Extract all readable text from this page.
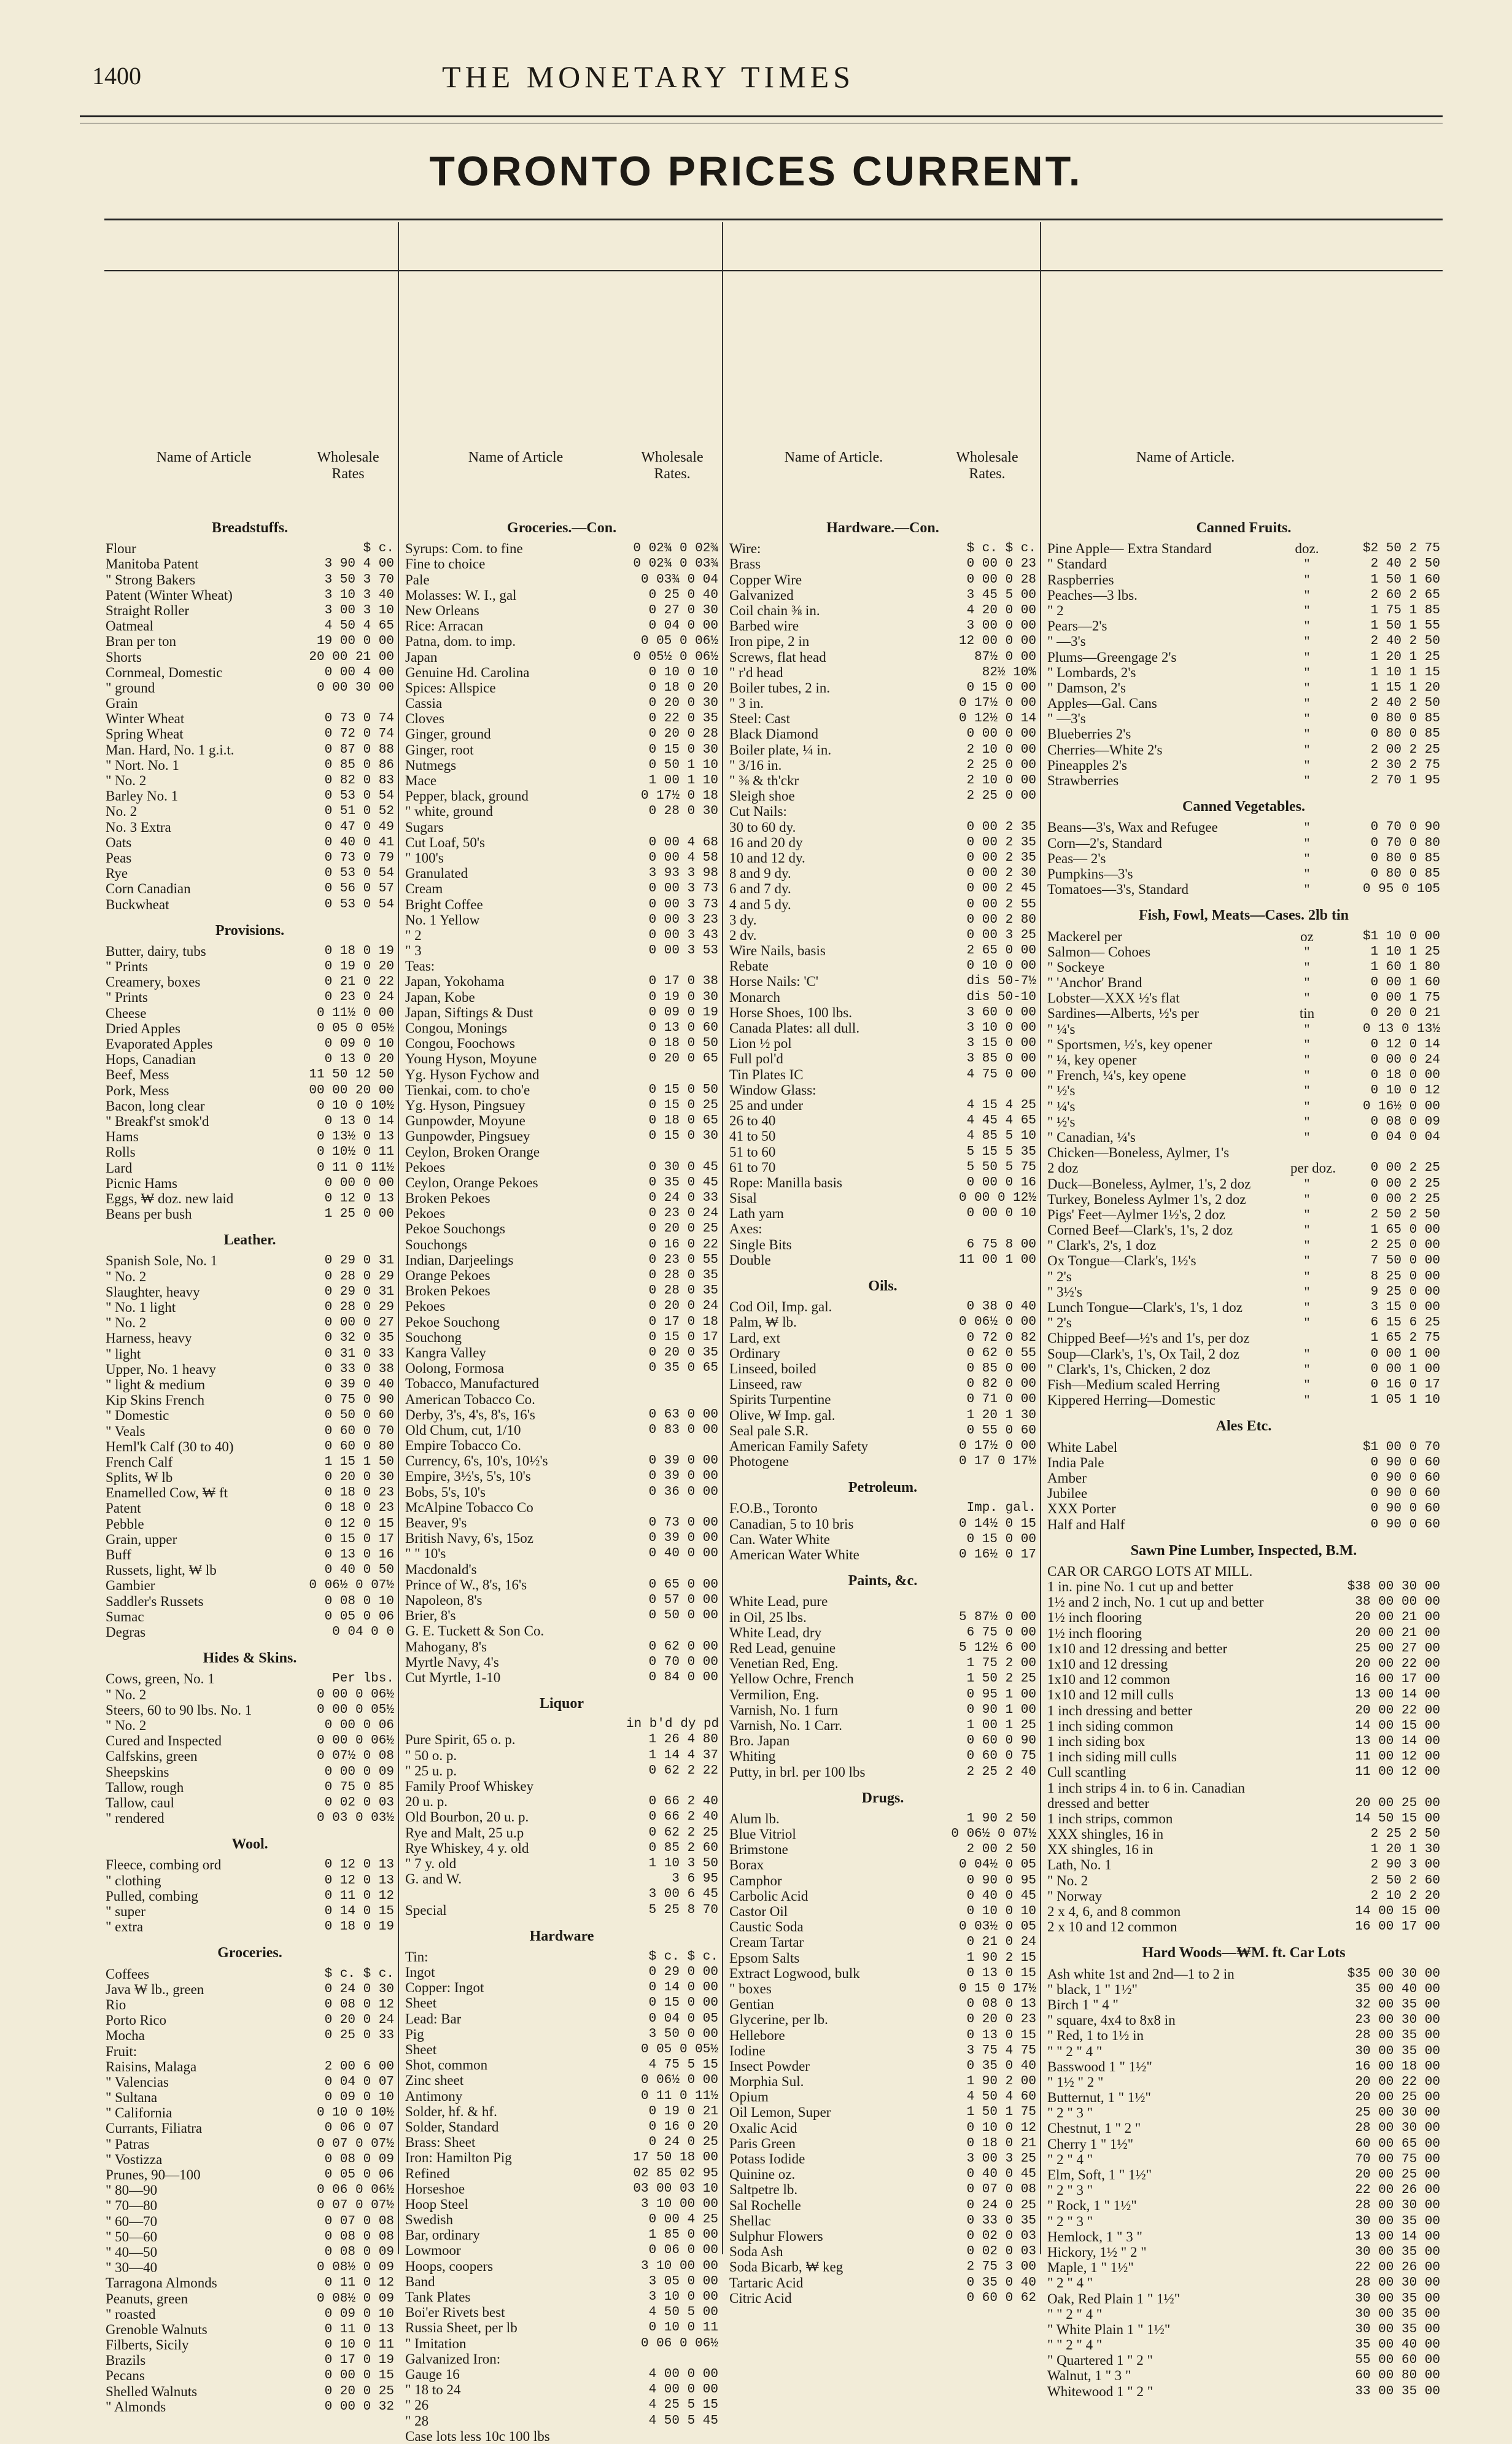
1400	THE MONETARY TIMES
TORONTO PRICES CURRENT.
Name of Article	Wholesale Rates
Breadstuffs.
Flour	$ c.
Manitoba Patent	3 90 4 00
" Strong Bakers	3 50 3 70
Patent (Winter Wheat)	3 10 3 40
Straight Roller	3 00 3 10
Oatmeal	4 50 4 65
Bran per ton	19 00 0 00
Shorts	20 00 21 00
Cornmeal, Domestic	0 00 4 00
" ground	0 00 30 00
Grain
Winter Wheat	0 73 0 74
Spring Wheat	0 72 0 74
Man. Hard, No. 1 g.i.t.	0 87 0 88
" Nort. No. 1	0 85 0 86
" No. 2	0 82 0 83
Barley No. 1	0 53 0 54
No. 2	0 51 0 52
No. 3 Extra	0 47 0 49
Oats	0 40 0 41
Peas	0 73 0 79
Rye	0 53 0 54
Corn Canadian	0 56 0 57
Buckwheat	0 53 0 54
Provisions.
Butter, dairy, tubs	0 18 0 19
" Prints	0 19 0 20
Creamery, boxes	0 21 0 22
" Prints	0 23 0 24
Cheese	0 11½ 0 00
Dried Apples	0 05 0 05½
Evaporated Apples	0 09 0 10
Hops, Canadian	0 13 0 20
Beef, Mess	11 50 12 50
Pork, Mess	00 00 20 00
Bacon, long clear	0 10 0 10½
" Breakf'st smok'd	0 13 0 14
Hams	0 13½ 0 13
Rolls	0 10½ 0 11
Lard	0 11 0 11½
Picnic Hams	0 00 0 00
Eggs, ₩ doz. new laid	0 12 0 13
Beans per bush	1 25 0 00
Leather.
Spanish Sole, No. 1	0 29 0 31
" No. 2	0 28 0 29
Slaughter, heavy	0 29 0 31
" No. 1 light	0 28 0 29
" No. 2	0 00 0 27
Harness, heavy	0 32 0 35
" light	0 31 0 33
Upper, No. 1 heavy	0 33 0 38
" light & medium	0 39 0 40
Kip Skins French	0 75 0 90
" Domestic	0 50 0 60
" Veals	0 60 0 70
Heml'k Calf (30 to 40)	0 60 0 80
French Calf	1 15 1 50
Splits, ₩ lb	0 20 0 30
Enamelled Cow, ₩ ft	0 18 0 23
Patent	0 18 0 23
Pebble	0 12 0 15
Grain, upper	0 15 0 17
Buff	0 13 0 16
Russets, light, ₩ lb	0 40 0 50
Gambier	0 06½ 0 07½
Saddler's Russets	0 08 0 10
Sumac	0 05 0 06
Degras	0 04 0 0
Hides & Skins.
Cows, green, No. 1	Per lbs.
" No. 2	0 00 0 06½
Steers, 60 to 90 lbs. No. 1	0 00 0 05½
" No. 2	0 00 0 06
Cured and Inspected	0 00 0 06½
Calfskins, green	0 07½ 0 08
Sheepskins	0 00 0 09
Tallow, rough	0 75 0 85
Tallow, caul	0 02 0 03
" rendered	0 03 0 03½
Wool.
Fleece, combing ord	0 12 0 13
" clothing	0 12 0 13
Pulled, combing	0 11 0 12
" super	0 14 0 15
" extra	0 18 0 19
Groceries.
Coffees	$ c. $ c.
Java ₩ lb., green	0 24 0 30
Rio	0 08 0 12
Porto Rico	0 20 0 24
Mocha	0 25 0 33
Fruit:
Raisins, Malaga	2 00 6 00
" Valencias	0 04 0 07
" Sultana	0 09 0 10
" California	0 10 0 10½
Currants, Filiatra	0 06 0 07
" Patras	0 07 0 07½
" Vostizza	0 08 0 09
Prunes, 90—100	0 05 0 06
" 80—90	0 06 0 06½
" 70—80	0 07 0 07½
" 60—70	0 07 0 08
" 50—60	0 08 0 08
" 40—50	0 08 0 09
" 30—40	0 08½ 0 09
Tarragona Almonds	0 11 0 12
Peanuts, green	0 08½ 0 09
" roasted	0 09 0 10
Grenoble Walnuts	0 11 0 13
Filberts, Sicily	0 10 0 11
Brazils	0 17 0 19
Pecans	0 00 0 15
Shelled Walnuts	0 20 0 25
" Almonds	0 00 0 32
Name of Article	Wholesale Rates.
Groceries.—Con.
Syrups: Com. to fine	0 02¾ 0 02¾
Fine to choice	0 02¾ 0 03¾
Pale	0 03¾ 0 04
Molasses: W. I., gal	0 25 0 40
New Orleans	0 27 0 30
Rice: Arracan	0 04 0 00
Patna, dom. to imp.	0 05 0 06½
Japan	0 05½ 0 06½
Genuine Hd. Carolina	0 10 0 10
Spices: Allspice	0 18 0 20
Cassia	0 20 0 30
Cloves	0 22 0 35
Ginger, ground	0 20 0 28
Ginger, root	0 15 0 30
Nutmegs	0 50 1 10
Mace	1 00 1 10
Pepper, black, ground	0 17½ 0 18
" white, ground	0 28 0 30
Sugars
Cut Loaf, 50's	0 00 4 68
" 100's	0 00 4 58
Granulated	3 93 3 98
Cream	0 00 3 73
Bright Coffee	0 00 3 73
No. 1 Yellow	0 00 3 23
" 2	0 00 3 43
" 3	0 00 3 53
Teas:
Japan, Yokohama	0 17 0 38
Japan, Kobe	0 19 0 30
Japan, Siftings & Dust	0 09 0 19
Congou, Monings	0 13 0 60
Congou, Foochows	0 18 0 50
Young Hyson, Moyune	0 20 0 65
Yg. Hyson Fychow and
Tienkai, com. to cho'e	0 15 0 50
Yg. Hyson, Pingsuey	0 15 0 25
Gunpowder, Moyune	0 18 0 65
Gunpowder, Pingsuey	0 15 0 30
Ceylon, Broken Orange
Pekoes	0 30 0 45
Ceylon, Orange Pekoes	0 35 0 45
Broken Pekoes	0 24 0 33
Pekoes	0 23 0 24
Pekoe Souchongs	0 20 0 25
Souchongs	0 16 0 22
Indian, Darjeelings	0 23 0 55
Orange Pekoes	0 28 0 35
Broken Pekoes	0 28 0 35
Pekoes	0 20 0 24
Pekoe Souchong	0 17 0 18
Souchong	0 15 0 17
Kangra Valley	0 20 0 35
Oolong, Formosa	0 35 0 65
Tobacco, Manufactured
American Tobacco Co.
Derby, 3's, 4's, 8's, 16's	0 63 0 00
Old Chum, cut, 1/10	0 83 0 00
Empire Tobacco Co.
Currency, 6's, 10's, 10½'s	0 39 0 00
Empire, 3½'s, 5's, 10's	0 39 0 00
Bobs, 5's, 10's	0 36 0 00
McAlpine Tobacco Co
Beaver, 9's	0 73 0 00
British Navy, 6's, 15oz	0 39 0 00
" " 10's	0 40 0 00
Macdonald's
Prince of W., 8's, 16's	0 65 0 00
Napoleon, 8's	0 57 0 00
Brier, 8's	0 50 0 00
G. E. Tuckett & Son Co.
Mahogany, 8's	0 62 0 00
Myrtle Navy, 4's	0 70 0 00
Cut Myrtle, 1-10	0 84 0 00
Liquor
in b'd dy pd
Pure Spirit, 65 o. p.	1 26 4 80
" 50 o. p.	1 14 4 37
" 25 u. p.	0 62 2 22
Family Proof Whiskey
20 u. p.	0 66 2 40
Old Bourbon, 20 u. p.	0 66 2 40
Rye and Malt, 25 u.p	0 62 2 25
Rye Whiskey, 4 y. old	0 85 2 60
" 7 y. old	1 10 3 50
G. and W.	3 6 95
3 00 6 45
Special	5 25 8 70
Hardware
Tin:	$ c. $ c.
Ingot	0 29 0 00
Copper: Ingot	0 14 0 00
Sheet	0 15 0 00
Lead: Bar	0 04 0 05
Pig	3 50 0 00
Sheet	0 05 0 05½
Shot, common	4 75 5 15
Zinc sheet	0 06½ 0 00
Antimony	0 11 0 11½
Solder, hf. & hf.	0 19 0 21
Solder, Standard	0 16 0 20
Brass: Sheet	0 24 0 25
Iron: Hamilton Pig	17 50 18 00
Refined	02 85 02 95
Horseshoe	03 00 03 10
Hoop Steel	3 10 00 00
Swedish	0 00 4 25
Bar, ordinary	1 85 0 00
Lowmoor	0 06 0 00
Hoops, coopers	3 10 00 00
Band	3 05 0 00
Tank Plates	3 10 0 00
Boi'er Rivets best	4 50 5 00
Russia Sheet, per lb	0 10 0 11
" Imitation	0 06 0 06½
Galvanized Iron:
Gauge 16	4 00 0 00
" 18 to 24	4 00 0 00
" 26	4 25 5 15
" 28	4 50 5 45
Case lots less 10c 100 lbs
Name of Article.	Wholesale Rates.
Hardware.—Con.
Wire:	$ c. $ c.
Brass	0 00 0 23
Copper Wire	0 00 0 28
Galvanized	3 45 5 00
Coil chain ⅜ in.	4 20 0 00
Barbed wire	3 00 0 00
Iron pipe, 2 in	12 00 0 00
Screws, flat head	87½ 0 00
" r'd head	82½ 10%
Boiler tubes, 2 in.	0 15 0 00
" 3 in.	0 17½ 0 00
Steel: Cast	0 12½ 0 14
Black Diamond	0 00 0 00
Boiler plate, ¼ in.	2 10 0 00
" 3/16 in.	2 25 0 00
" ⅜ & th'ckr	2 10 0 00
Sleigh shoe	2 25 0 00
Cut Nails:
30 to 60 dy.	0 00 2 35
16 and 20 dy	0 00 2 35
10 and 12 dy.	0 00 2 35
8 and 9 dy.	0 00 2 30
6 and 7 dy.	0 00 2 45
4 and 5 dy.	0 00 2 55
3 dy.	0 00 2 80
2 dv.	0 00 3 25
Wire Nails, basis	2 65 0 00
Rebate	0 10 0 00
Horse Nails: 'C'	dis 50-7½
Monarch	dis 50-10
Horse Shoes, 100 lbs.	3 60 0 00
Canada Plates: all dull.	3 10 0 00
Lion ½ pol	3 15 0 00
Full pol'd	3 85 0 00
Tin Plates IC	4 75 0 00
Window Glass:
25 and under	4 15 4 25
26 to 40	4 45 4 65
41 to 50	4 85 5 10
51 to 60	5 15 5 35
61 to 70	5 50 5 75
Rope: Manilla basis	0 00 0 16
Sisal	0 00 0 12½
Lath yarn	0 00 0 10
Axes:
Single Bits	6 75 8 00
Double	11 00 1 00
Oils.
Cod Oil, Imp. gal.	0 38 0 40
Palm, ₩ lb.	0 06½ 0 00
Lard, ext	0 72 0 82
Ordinary	0 62 0 55
Linseed, boiled	0 85 0 00
Linseed, raw	0 82 0 00
Spirits Turpentine	0 71 0 00
Olive, ₩ Imp. gal.	1 20 1 30
Seal pale S.R.	0 55 0 60
American Family Safety	0 17½ 0 00
Photogene	0 17 0 17½
Petroleum.
F.O.B., Toronto	Imp. gal.
Canadian, 5 to 10 bris	0 14½ 0 15
Can. Water White	0 15 0 00
American Water White	0 16½ 0 17
Paints, &c.
White Lead, pure
in Oil, 25 lbs.	5 87½ 0 00
White Lead, dry	6 75 0 00
Red Lead, genuine	5 12½ 6 00
Venetian Red, Eng.	1 75 2 00
Yellow Ochre, French	1 50 2 25
Vermilion, Eng.	0 95 1 00
Varnish, No. 1 furn	0 90 1 00
Varnish, No. 1 Carr.	1 00 1 25
Bro. Japan	0 60 0 90
Whiting	0 60 0 75
Putty, in brl. per 100 lbs	2 25 2 40
Drugs.
Alum lb.	1 90 2 50
Blue Vitriol	0 06½ 0 07½
Brimstone	2 00 2 50
Borax	0 04½ 0 05
Camphor	0 90 0 95
Carbolic Acid	0 40 0 45
Castor Oil	0 10 0 10
Caustic Soda	0 03½ 0 05
Cream Tartar	0 21 0 24
Epsom Salts	1 90 2 15
Extract Logwood, bulk	0 13 0 15
" boxes	0 15 0 17½
Gentian	0 08 0 13
Glycerine, per lb.	0 20 0 23
Hellebore	0 13 0 15
Iodine	3 75 4 75
Insect Powder	0 35 0 40
Morphia Sul.	1 90 2 00
Opium	4 50 4 60
Oil Lemon, Super	1 50 1 75
Oxalic Acid	0 10 0 12
Paris Green	0 18 0 21
Potass Iodide	3 00 3 25
Quinine oz.	0 40 0 45
Saltpetre lb.	0 07 0 08
Sal Rochelle	0 24 0 25
Shellac	0 33 0 35
Sulphur Flowers	0 02 0 03
Soda Ash	0 02 0 03
Soda Bicarb, ₩ keg	2 75 3 00
Tartaric Acid	0 35 0 40
Citric Acid	0 60 0 62
Name of Article.
Canned Fruits.
Pine Apple— Extra Standard	doz.	$2 50 2 75
" Standard	"	2 40 2 50
Raspberries	"	1 50 1 60
Peaches—3 lbs.	"	2 60 2 65
" 2	"	1 75 1 85
Pears—2's	"	1 50 1 55
" —3's	"	2 40 2 50
Plums—Greengage 2's	"	1 20 1 25
" Lombards, 2's	"	1 10 1 15
" Damson, 2's	"	1 15 1 20
Apples—Gal. Cans	"	2 40 2 50
" —3's	"	0 80 0 85
Blueberries 2's	"	0 80 0 85
Cherries—White 2's	"	2 00 2 25
Pineapples 2's	"	2 30 2 75
Strawberries	"	2 70 1 95
Canned Vegetables.
Beans—3's, Wax and Refugee	"	0 70 0 90
Corn—2's, Standard	"	0 70 0 80
Peas— 2's	"	0 80 0 85
Pumpkins—3's	"	0 80 0 85
Tomatoes—3's, Standard	"	0 95 0 105
Fish, Fowl, Meats—Cases. 2lb tin
Mackerel per	oz	$1 10 0 00
Salmon— Cohoes	"	1 10 1 25
" Sockeye	"	1 60 1 80
" 'Anchor' Brand	"	0 00 1 60
Lobster—XXX ½'s flat	"	0 00 1 75
Sardines—Alberts, ½'s per	tin	0 20 0 21
" ¼'s	"	0 13 0 13½
" Sportsmen, ½'s, key opener	"	0 12 0 14
" ¼, key opener	"	0 00 0 24
" French, ¼'s, key opene	"	0 18 0 00
" ½'s	"	0 10 0 12
" ¼'s	"	0 16½ 0 00
" ½'s	"	0 08 0 09
" Canadian, ¼'s	"	0 04 0 04
Chicken—Boneless, Aylmer, 1's
2 doz	per doz.	0 00 2 25
Duck—Boneless, Aylmer, 1's, 2 doz	"	0 00 2 25
Turkey, Boneless Aylmer 1's, 2 doz	"	0 00 2 25
Pigs' Feet—Aylmer 1½'s, 2 doz	"	2 50 2 50
Corned Beef—Clark's, 1's, 2 doz	"	1 65 0 00
" Clark's, 2's, 1 doz	"	2 25 0 00
Ox Tongue—Clark's, 1½'s	"	7 50 0 00
" 2's	"	8 25 0 00
" 3½'s	"	9 25 0 00
Lunch Tongue—Clark's, 1's, 1 doz	"	3 15 0 00
" 2's	"	6 15 6 25
Chipped Beef—½'s and 1's, per doz	1 65 2 75
Soup—Clark's, 1's, Ox Tail, 2 doz	"	0 00 1 00
" Clark's, 1's, Chicken, 2 doz	"	0 00 1 00
Fish—Medium scaled Herring	"	0 16 0 17
Kippered Herring—Domestic	"	1 05 1 10
Ales Etc.
White Label	$1 00 0 70
India Pale	0 90 0 60
Amber	0 90 0 60
Jubilee	0 90 0 60
XXX Porter	0 90 0 60
Half and Half	0 90 0 60
Sawn Pine Lumber, Inspected, B.M.
CAR OR CARGO LOTS AT MILL.
1 in. pine No. 1 cut up and better	$38 00 30 00
1½ and 2 inch, No. 1 cut up and better	38 00 00 00
1½ inch flooring	20 00 21 00
1½ inch flooring	20 00 21 00
1x10 and 12 dressing and better	25 00 27 00
1x10 and 12 dressing	20 00 22 00
1x10 and 12 common	16 00 17 00
1x10 and 12 mill culls	13 00 14 00
1 inch dressing and better	20 00 22 00
1 inch siding common	14 00 15 00
1 inch siding box	13 00 14 00
1 inch siding mill culls	11 00 12 00
Cull scantling	11 00 12 00
1 inch strips 4 in. to 6 in. Canadian
dressed and better	20 00 25 00
1 inch strips, common	14 50 15 00
XXX shingles, 16 in	2 25 2 50
XX shingles, 16 in	1 20 1 30
Lath, No. 1	2 90 3 00
" No. 2	2 50 2 60
" Norway	2 10 2 20
2 x 4, 6, and 8 common	14 00 15 00
2 x 10 and 12 common	16 00 17 00
Hard Woods—₩M. ft. Car Lots
Ash white 1st and 2nd—1 to 2 in	$35 00 30 00
" black, 1 " 1½"	35 00 40 00
Birch 1 " 4 "	32 00 35 00
" square, 4x4 to 8x8 in	23 00 30 00
" Red, 1 to 1½ in	28 00 35 00
" " 2 " 4 "	30 00 35 00
Basswood 1 " 1½"	16 00 18 00
" 1½ " 2 "	20 00 22 00
Butternut, 1 " 1½"	20 00 25 00
" 2 " 3 "	25 00 30 00
Chestnut, 1 " 2 "	28 00 30 00
Cherry 1 " 1½"	60 00 65 00
" 2 " 4 "	70 00 75 00
Elm, Soft, 1 " 1½"	20 00 25 00
" 2 " 3 "	22 00 26 00
" Rock, 1 " 1½"	28 00 30 00
" 2 " 3 "	30 00 35 00
Hemlock, 1 " 3 "	13 00 14 00
Hickory, 1½ " 2 "	30 00 35 00
Maple, 1 " 1½"	22 00 26 00
" 2 " 4 "	28 00 30 00
Oak, Red Plain 1 " 1½"	30 00 35 00
" " 2 " 4 "	30 00 35 00
" White Plain 1 " 1½"	30 00 35 00
" " 2 " 4 "	35 00 40 00
" Quartered 1 " 2 "	55 00 60 00
Walnut, 1 " 3 "	60 00 80 00
Whitewood 1 " 2 "	33 00 35 00
